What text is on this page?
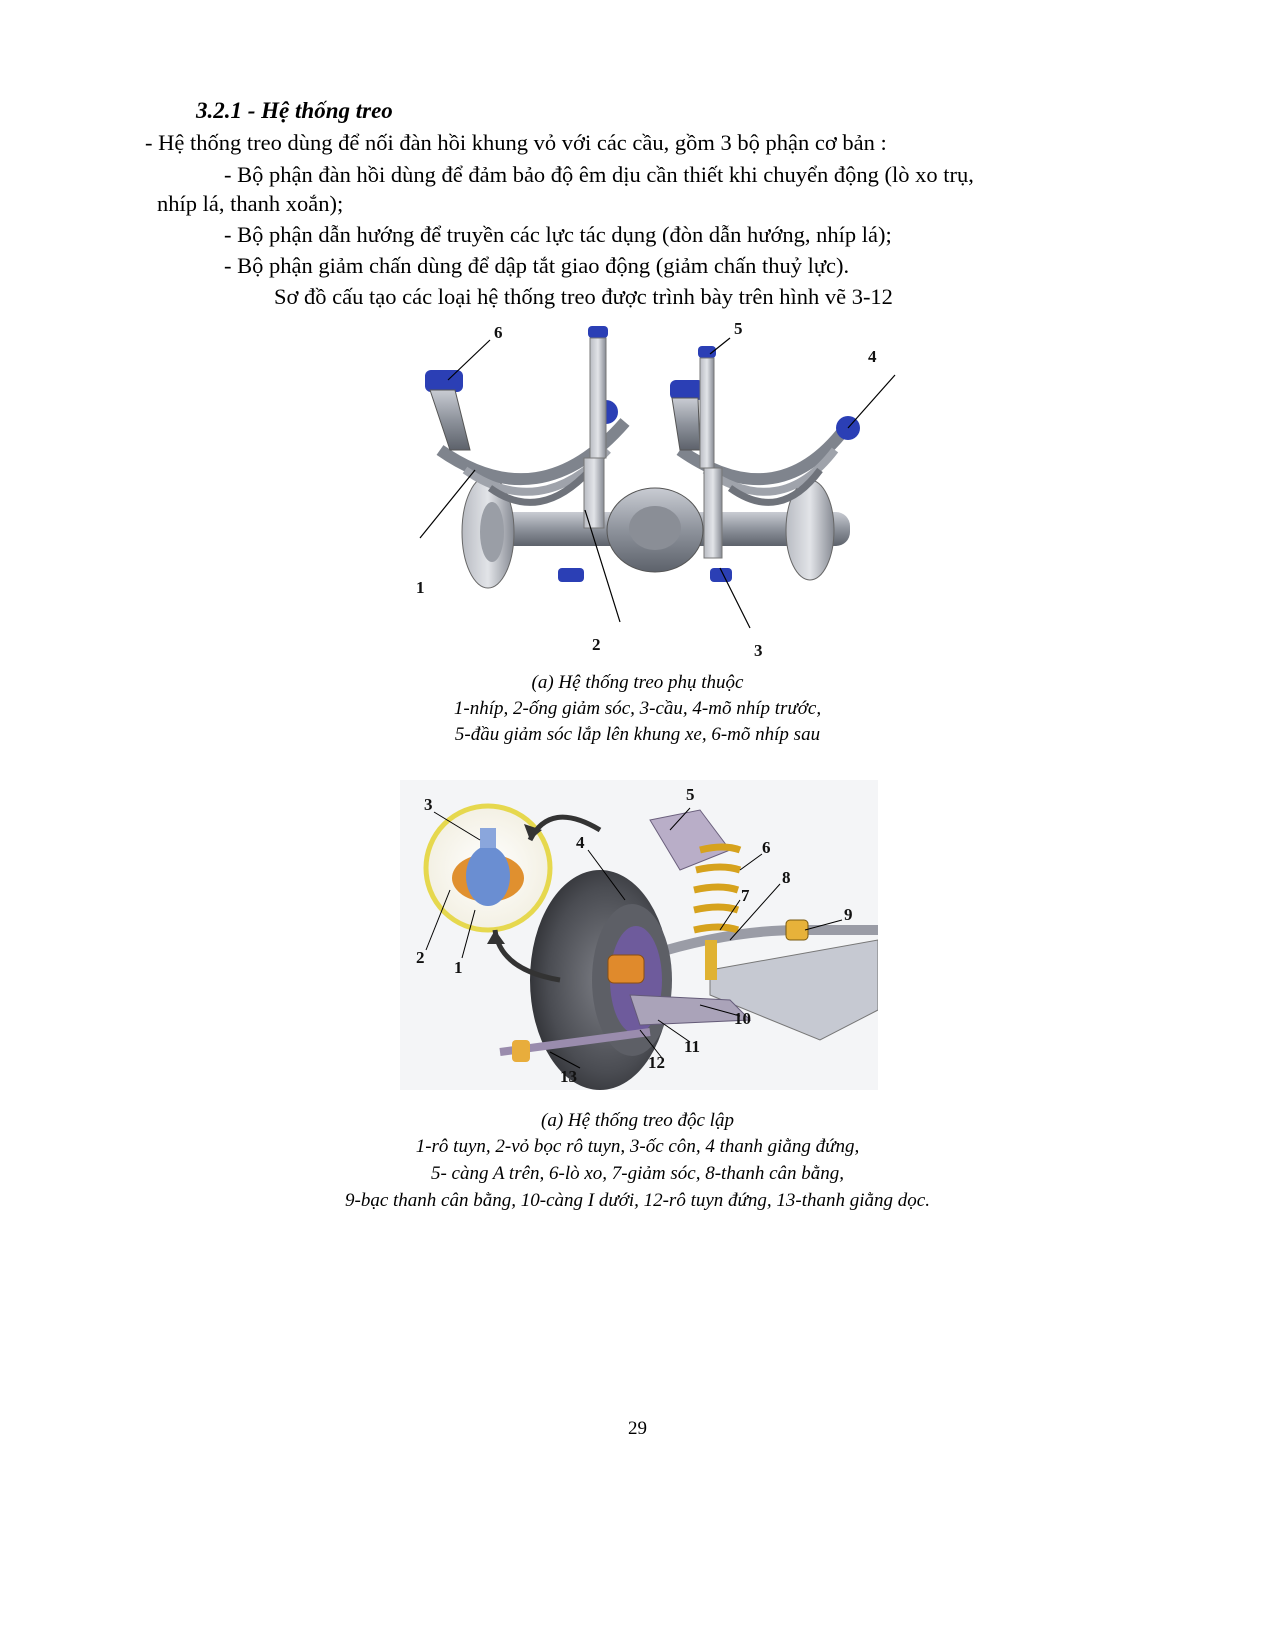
3.2.1 - Hệ thống treo
- Hệ thống treo dùng để nối đàn hồi khung vỏ với các cầu, gồm 3 bộ phận cơ bản :
- Bộ phận đàn hồi dùng để đảm bảo độ êm dịu cần thiết khi chuyển động (lò xo trụ,
nhíp lá, thanh xoắn);
- Bộ phận dẫn hướng để truyền các lực tác dụng (đòn dẫn hướng, nhíp lá);
- Bộ phận giảm chấn dùng để dập tắt giao động (giảm chấn thuỷ lực).
Sơ đồ cấu tạo các loại hệ thống treo được trình bày trên hình vẽ 3-12
6	5
4
1
2	3
(a) Hệ thống treo phụ thuộc
1-nhíp, 2-ống giảm sóc, 3-cầu, 4-mõ nhíp trước,
5-đầu giảm sóc lắp lên khung xe, 6-mõ nhíp sau
3
2
1
5
4	6
7
8
9
10
11
12
13
(a) Hệ thống treo độc lập
1-rô tuyn, 2-vỏ bọc rô tuyn, 3-ốc côn, 4 thanh giằng đứng,
5- càng A trên, 6-lò xo, 7-giảm sóc, 8-thanh cân bằng,
9-bạc thanh cân bằng, 10-càng I dưới, 12-rô tuyn đứng, 13-thanh giằng dọc.
29
